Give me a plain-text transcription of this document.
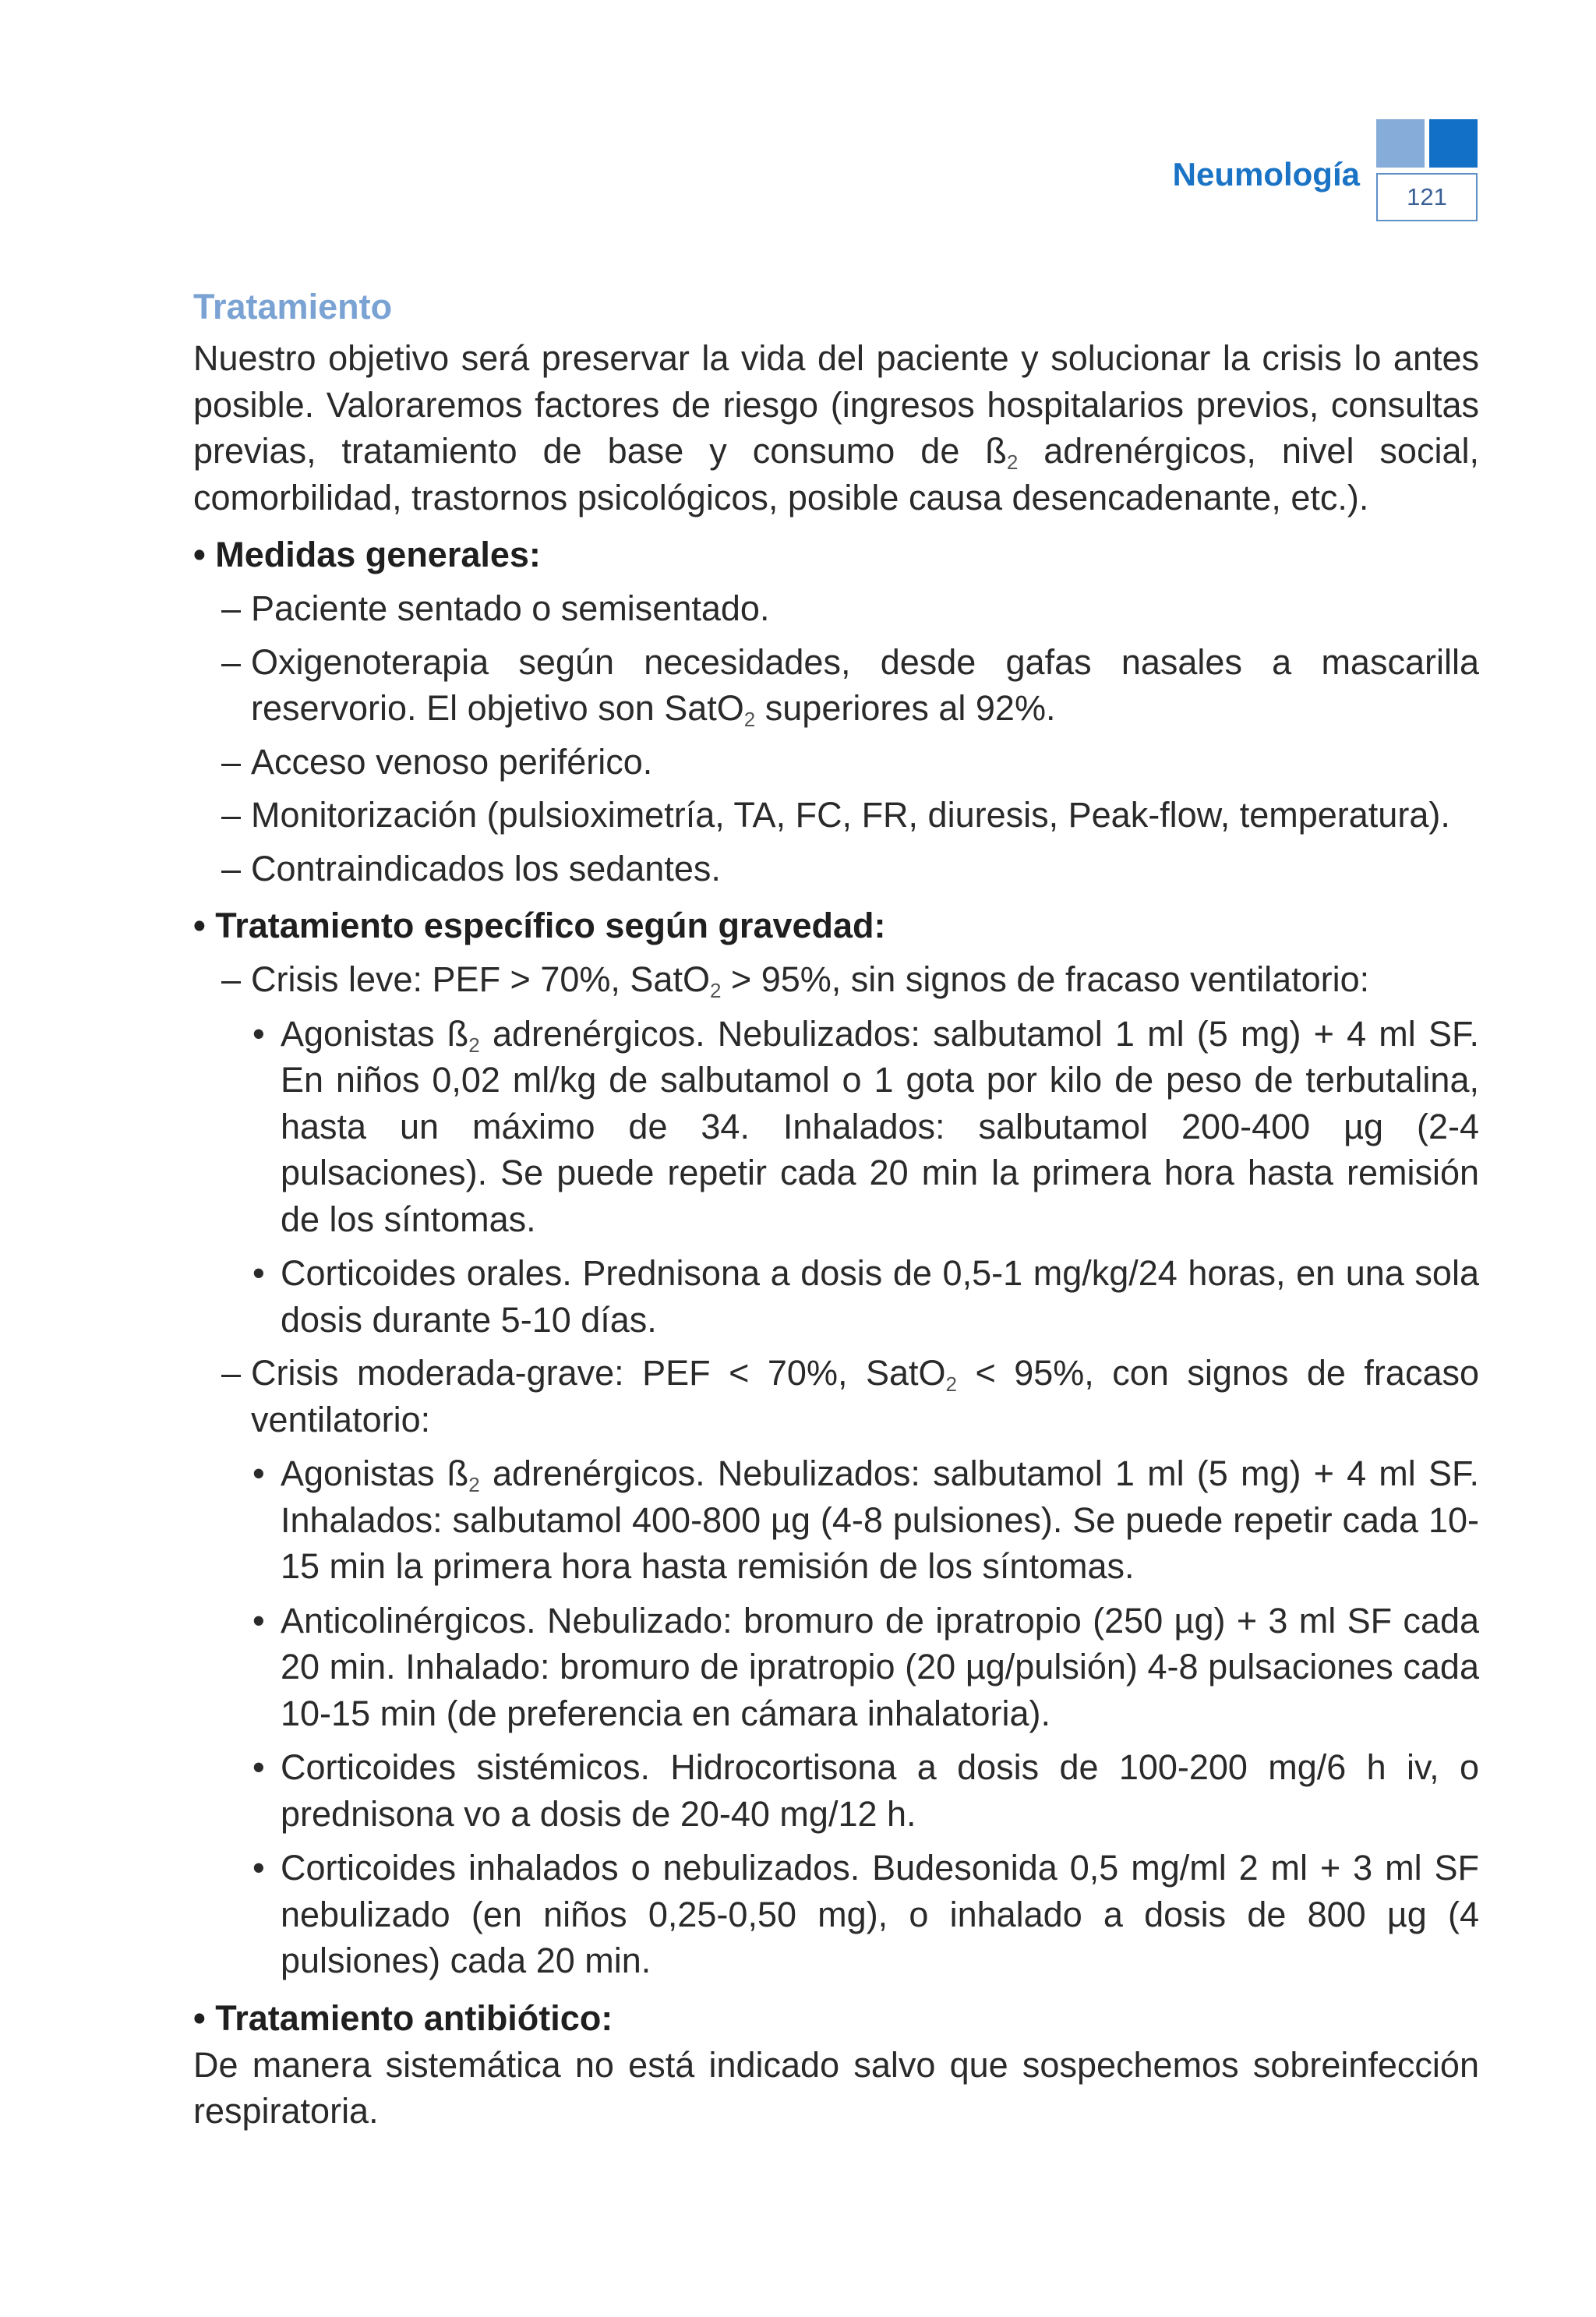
Neumología
121
Tratamiento

Nuestro objetivo será preservar la vida del paciente y solucionar la crisis lo antes posible. Valoraremos factores de riesgo (ingresos hospitalarios previos, consultas previas, tratamiento de base y consumo de $ß_2$ adrenérgicos, nivel social, comorbilidad, trastornos psicológicos, posible causa desencadenante, etc.).

• Medidas generales:

– Paciente sentado o semisentado.

– Oxigenoterapia según necesidades, desde gafas nasales a mascarilla reservorio. El objetivo son SatO$_2$ superiores al 92%.

– Acceso venoso periférico.

– Monitorización (pulsioximetría, TA, FC, FR, diuresis, Peak-flow, temperatura).

– Contraindicados los sedantes.

• Tratamiento específico según gravedad:

– Crisis leve: PEF > 70%, SatO$_2$ > 95%, sin signos de fracaso ventilatorio:

• Agonistas $ß_2$ adrenérgicos. Nebulizados: salbutamol 1 ml (5 mg) + 4 ml SF. En niños 0,02 ml/kg de salbutamol o 1 gota por kilo de peso de terbutalina, hasta un máximo de 34. Inhalados: salbutamol 200-400 µg (2-4 pulsaciones). Se puede repetir cada 20 min la primera hora hasta remisión de los síntomas.

• Corticoides orales. Prednisona a dosis de 0,5-1 mg/kg/24 horas, en una sola dosis durante 5-10 días.

– Crisis moderada-grave: PEF < 70%, SatO$_2$ < 95%, con signos de fracaso ventilatorio:

• Agonistas $ß_2$ adrenérgicos. Nebulizados: salbutamol 1 ml (5 mg) + 4 ml SF. Inhalados: salbutamol 400-800 µg (4-8 pulsiones). Se puede repetir cada 10-15 min la primera hora hasta remisión de los síntomas.

• Anticolinérgicos. Nebulizado: bromuro de ipratropio (250 µg) + 3 ml SF cada 20 min. Inhalado: bromuro de ipratropio (20 µg/pulsión) 4-8 pulsaciones cada 10-15 min (de preferencia en cámara inhalatoria).

• Corticoides sistémicos. Hidrocortisona a dosis de 100-200 mg/6 h iv, o prednisona vo a dosis de 20-40 mg/12 h.

• Corticoides inhalados o nebulizados. Budesonida 0,5 mg/ml 2 ml + 3 ml SF nebulizado (en niños 0,25-0,50 mg), o inhalado a dosis de 800 µg (4 pulsiones) cada 20 min.

• Tratamiento antibiótico:

De manera sistemática no está indicado salvo que sospechemos sobreinfección respiratoria.
